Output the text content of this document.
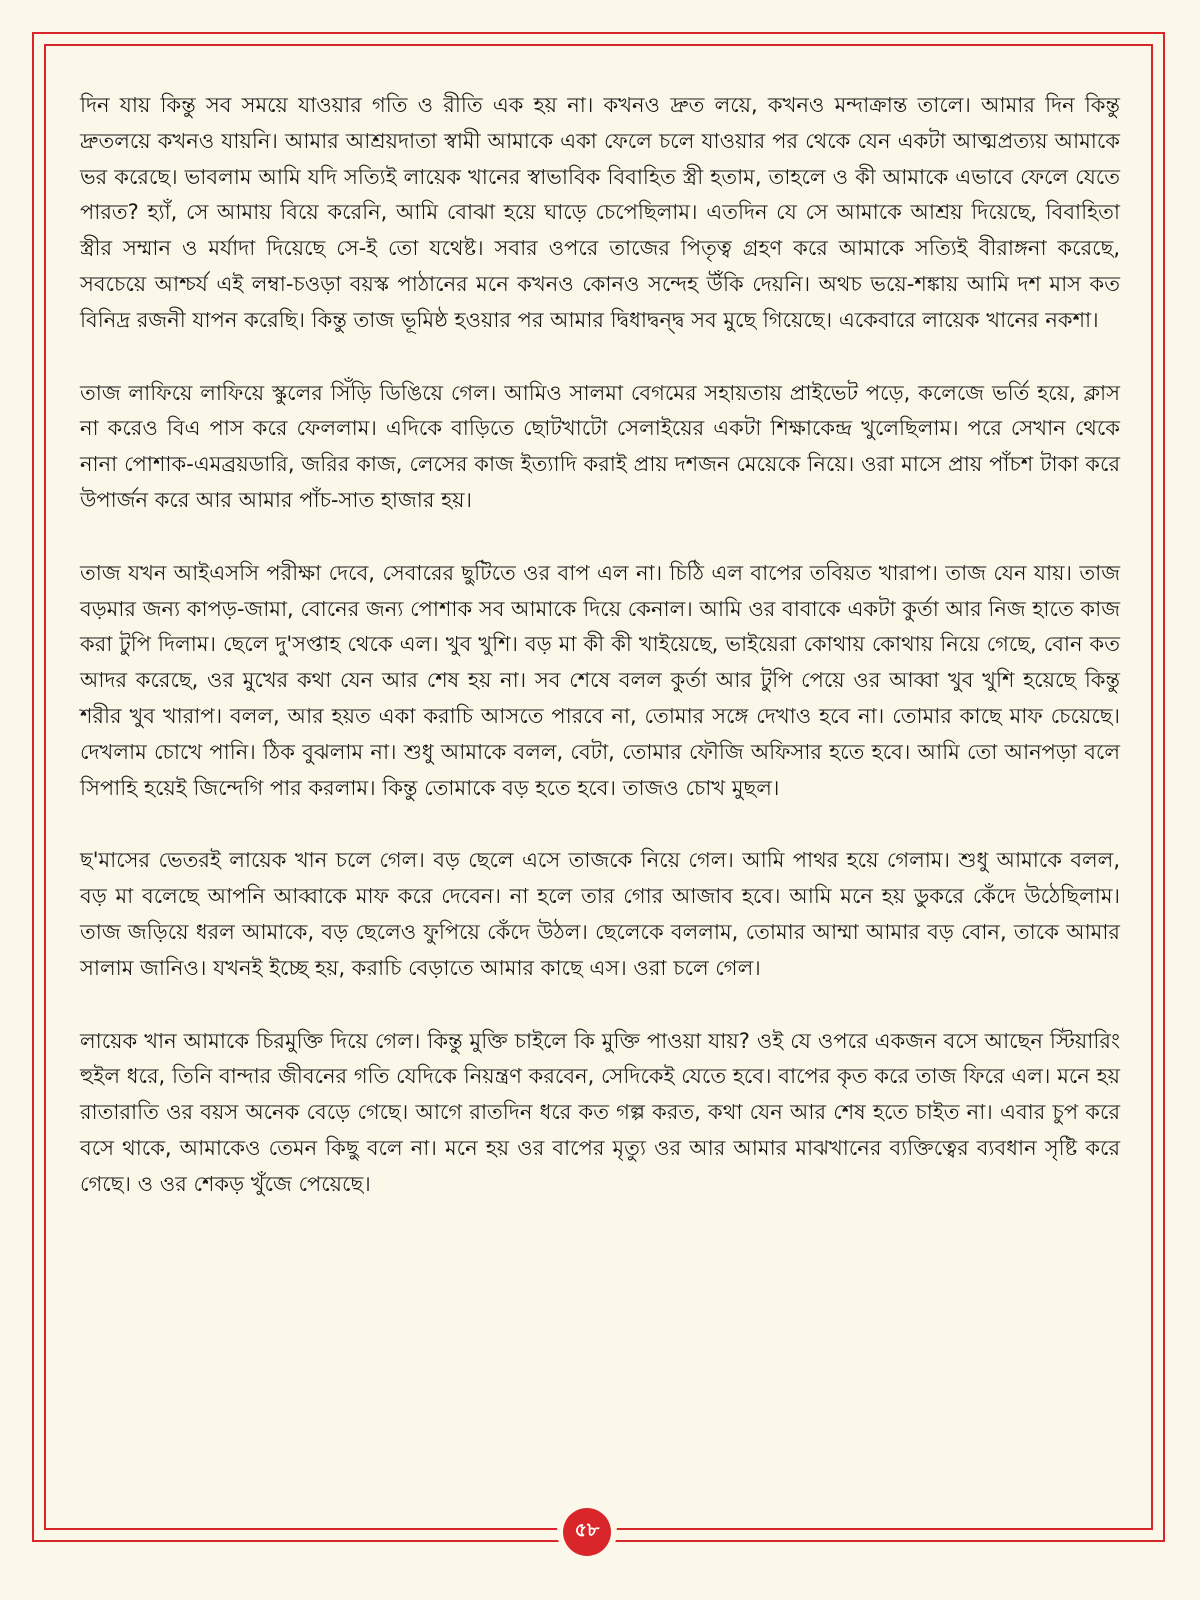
দিন যায় কিন্তু সব সময়ে যাওয়ার গতি ও রীতি এক হয় না। কখনও দ্রুত লয়ে, কখনও মন্দাক্রান্ত তালে। আমার দিন কিন্তু দ্রুতলয়ে কখনও যায়নি। আমার আশ্রয়দাতা স্বামী আমাকে একা ফেলে চলে যাওয়ার পর থেকে যেন একটা আত্মপ্রত্যয় আমাকে ভর করেছে। ভাবলাম আমি যদি সত্যিই লায়েক খানের স্বাভাবিক বিবাহিত স্ত্রী হতাম, তাহলে ও কী আমাকে এভাবে ফেলে যেতে পারত? হ্যাঁ, সে আমায় বিয়ে করেনি, আমি বোঝা হয়ে ঘাড়ে চেপেছিলাম। এতদিন যে সে আমাকে আশ্রয় দিয়েছে, বিবাহিতা স্ত্রীর সম্মান ও মর্যাদা দিয়েছে সে-ই তো যথেষ্ট। সবার ওপরে তাজের পিতৃত্ব গ্রহণ করে আমাকে সত্যিই বীরাঙ্গনা করেছে, সবচেয়ে আশ্চর্য এই লম্বা-চওড়া বয়স্ক পাঠানের মনে কখনও কোনও সন্দেহ উঁকি দেয়নি। অথচ ভয়ে-শঙ্কায় আমি দশ মাস কত বিনিদ্র রজনী যাপন করেছি। কিন্তু তাজ ভূমিষ্ঠ হওয়ার পর আমার দ্বিধাদ্বন্দ্ব সব মুছে গিয়েছে। একেবারে লায়েক খানের নকশা।

তাজ লাফিয়ে লাফিয়ে স্কুলের সিঁড়ি ডিঙিয়ে গেল। আমিও সালমা বেগমের সহায়তায় প্রাইভেট পড়ে, কলেজে ভর্তি হয়ে, ক্লাস না করেও বিএ পাস করে ফেললাম। এদিকে বাড়িতে ছোটখাটো সেলাইয়ের একটা শিক্ষাকেন্দ্র খুলেছিলাম। পরে সেখান থেকে নানা পোশাক-এমব্রয়ডারি, জরির কাজ, লেসের কাজ ইত্যাদি করাই প্রায় দশজন মেয়েকে নিয়ে। ওরা মাসে প্রায় পাঁচশ টাকা করে উপার্জন করে আর আমার পাঁচ-সাত হাজার হয়।

তাজ যখন আইএসসি পরীক্ষা দেবে, সেবারের ছুটিতে ওর বাপ এল না। চিঠি এল বাপের তবিয়ত খারাপ। তাজ যেন যায়। তাজ বড়মার জন্য কাপড়-জামা, বোনের জন্য পোশাক সব আমাকে দিয়ে কেনাল। আমি ওর বাবাকে একটা কুর্তা আর নিজ হাতে কাজ করা টুপি দিলাম। ছেলে দু'সপ্তাহ থেকে এল। খুব খুশি। বড় মা কী কী খাইয়েছে, ভাইয়েরা কোথায় কোথায় নিয়ে গেছে, বোন কত আদর করেছে, ওর মুখের কথা যেন আর শেষ হয় না। সব শেষে বলল কুর্তা আর টুপি পেয়ে ওর আব্বা খুব খুশি হয়েছে কিন্তু শরীর খুব খারাপ। বলল, আর হয়ত একা করাচি আসতে পারবে না, তোমার সঙ্গে দেখাও হবে না। তোমার কাছে মাফ চেয়েছে। দেখলাম চোখে পানি। ঠিক বুঝলাম না। শুধু আমাকে বলল, বেটা, তোমার ফৌজি অফিসার হতে হবে। আমি তো আনপড়া বলে সিপাহি হয়েই জিন্দেগি পার করলাম। কিন্তু তোমাকে বড় হতে হবে। তাজও চোখ মুছল।

ছ'মাসের ভেতরই লায়েক খান চলে গেল। বড় ছেলে এসে তাজকে নিয়ে গেল। আমি পাথর হয়ে গেলাম। শুধু আমাকে বলল, বড় মা বলেছে আপনি আব্বাকে মাফ করে দেবেন। না হলে তার গোর আজাব হবে। আমি মনে হয় ডুকরে কেঁদে উঠেছিলাম। তাজ জড়িয়ে ধরল আমাকে, বড় ছেলেও ফুপিয়ে কেঁদে উঠল। ছেলেকে বললাম, তোমার আম্মা আমার বড় বোন, তাকে আমার সালাম জানিও। যখনই ইচ্ছে হয়, করাচি বেড়াতে আমার কাছে এস। ওরা চলে গেল।

লায়েক খান আমাকে চিরমুক্তি দিয়ে গেল। কিন্তু মুক্তি চাইলে কি মুক্তি পাওয়া যায়? ওই যে ওপরে একজন বসে আছেন স্টিয়ারিং হুইল ধরে, তিনি বান্দার জীবনের গতি যেদিকে নিয়ন্ত্রণ করবেন, সেদিকেই যেতে হবে। বাপের কৃত করে তাজ ফিরে এল। মনে হয় রাতারাতি ওর বয়স অনেক বেড়ে গেছে। আগে রাতদিন ধরে কত গল্প করত, কথা যেন আর শেষ হতে চাইত না। এবার চুপ করে বসে থাকে, আমাকেও তেমন কিছু বলে না। মনে হয় ওর বাপের মৃত্যু ওর আর আমার মাঝখানের ব্যক্তিত্বের ব্যবধান সৃষ্টি করে গেছে। ও ওর শেকড় খুঁজে পেয়েছে।

৫৮
